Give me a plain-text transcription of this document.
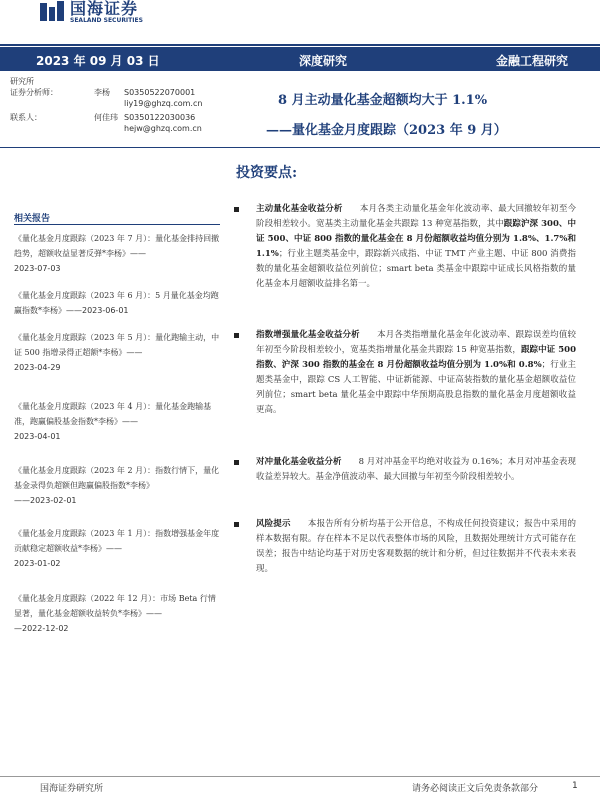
国海证券
SEALAND SECURITIES
2023 年 09 月 03 日	深度研究	金融工程研究
研究所
证券分析师：	李杨 S0350522070001
liy19@ghzq.com.cn
联系人：	何佳玮 S0350122030036
hejw@ghzq.com.cn
8 月主动量化基金超额均大于 1.1%
——量化基金月度跟踪（2023 年 9 月）
投资要点:
相关报告
《量化基金月度跟踪（2023 年 7 月）：量化基金排持回撤趋势，超额收益显著反弹*李杨》——
2023-07-03
《量化基金月度跟踪（2023 年 6 月）：5 月量化基金均跑赢指数*李杨》——2023-06-01
《量化基金月度跟踪（2023 年 5 月）：量化跑输主动，中证 500 指增录得正超额*李杨》——
2023-04-29
《量化基金月度跟踪（2023 年 4 月）：量化基金跑输基准，跑赢偏股基金指数*李杨》——
2023-04-01
《量化基金月度跟踪（2023 年 2 月）：指数行情下，量化基金录得负超额但跑赢偏股指数*李杨》
——2023-02-01
《量化基金月度跟踪（2023 年 1 月）：指数增强基金年度贡献稳定超额收益*李杨》——
2023-01-02
《量化基金月度跟踪（2022 年 12 月）：市场 Beta 行情显著，量化基金超额收益转负*李杨》——
—2022-12-02
主动量化基金收益分析　　本月各类主动量化基金年化波动率、最大回撤较年初至今阶段相差较小。宽基类主动量化基金共跟踪 13 种宽基指数，其中跟踪沪深 300、中证 500、中证 800 指数的量化基金在 8 月份超额收益均值分别为 1.8%、1.7%和 1.1%；行业主题类基金中，跟踪新兴成指、中证 TMT 产业主题、中证 800 消费指数的量化基金超额收益位列前位；smart beta 类基金中跟踪中证成长风格指数的量化基金本月超额收益排名第一。
指数增强量化基金收益分析　　本月各类指增量化基金年化波动率、跟踪误差均值较年初至今阶段相差较小，宽基类指增量化基金共跟踪 15 种宽基指数，跟踪中证 500 指数、沪深 300 指数的基金在 8 月份超额收益均值分别为 1.0%和 0.8%；行业主题类基金中，跟踪 CS 人工智能、中证新能源、中证高装指数的量化基金超额收益位列前位；smart beta 量化基金中跟踪中华预期高股息指数的量化基金月度超额收益更高。
对冲量化基金收益分析　　8 月对冲基金平均绝对收益为 0.16%；本月对冲基金表现收益差异较大。基金净值波动率、最大回撤与年初至今阶段相差较小。
风险提示　　本报告所有分析均基于公开信息，不构成任何投资建议；报告中采用的样本数据有限。存在样本不足以代表整体市场的风险，且数据处理统计方式可能存在误差；报告中结论均基于对历史客观数据的统计和分析，但过往数据并不代表未来表现。
国海证券研究所	请务必阅读正文后免责条款部分	1
